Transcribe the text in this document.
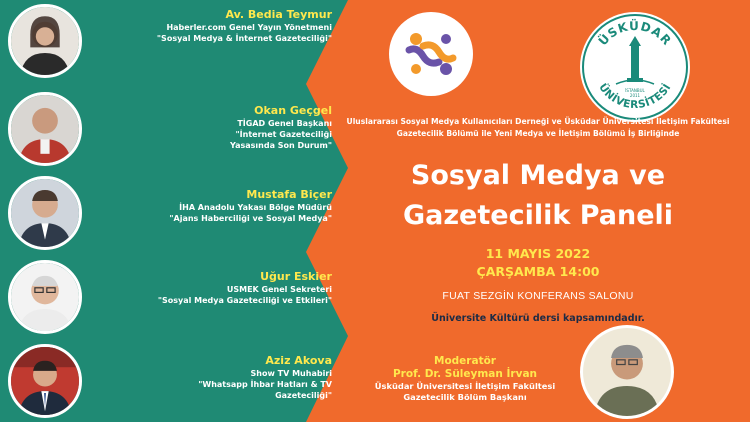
Av. Bedia Teymur
Haberler.com Genel Yayın Yönetmeni
"Sosyal Medya & İnternet Gazeteciliği"
Okan Geçgel
TİGAD Genel Başkanı
"İnternet Gazeteciliği Yasasında Son Durum"
Mustafa Biçer
İHA Anadolu Yakası Bölge Müdürü
"Ajans Haberciliği ve Sosyal Medya"
Uğur Eskier
USMEK Genel Sekreteri
"Sosyal Medya Gazeteciliği ve Etkileri"
Aziz Akova
Show TV Muhabiri
"Whatsapp İhbar Hatları & TV Gazeteciliği"
ÜSKÜDAR
ÜNİVERSİTESİ
İSTANBUL
2011
Uluslararası Sosyal Medya Kullanıcıları Derneği ve Üsküdar Üniversitesi İletişim Fakültesi Gazetecilik Bölümü ile Yeni Medya ve İletişim Bölümü İş Birliğinde
Sosyal Medya ve
Gazetecilik Paneli
11 MAYIS 2022
ÇARŞAMBA 14:00
FUAT SEZGİN KONFERANS SALONU
Üniversite Kültürü dersi kapsamındadır.
Moderatör
Prof. Dr. Süleyman İrvan
Üsküdar Üniversitesi İletişim Fakültesi Gazetecilik Bölüm Başkanı
